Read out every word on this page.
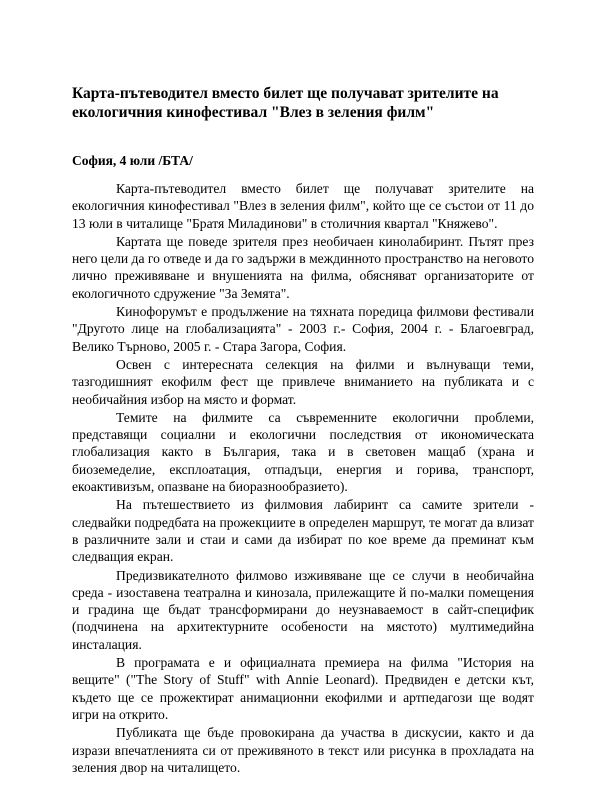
Карта-пътеводител вместо билет ще получават зрителите на екологичния кинофестивал "Влез в зеления филм"

София, 4 юли /БТА/

Карта-пътеводител вместо билет ще получават зрителите на екологичния кинофестивал "Влез в зеления филм", който ще се състои от 11 до 13 юли в читалище "Братя Миладинови" в столичния квартал "Княжево".

Картата ще поведе зрителя през необичаен кинолабиринт. Пътят през него цели да го отведе и да го задържи в междинното пространство на неговото лично преживяване и внушенията на филма, обясняват организаторите от екологичното сдружение "За Земята".

Кинофорумът е продължение на тяхната поредица филмови фестивали "Другото лице на глобализацията" - 2003 г.- София, 2004 г. - Благоевград, Велико Търново, 2005 г. - Стара Загора, София.

Освен с интересната селекция на филми и вълнуващи теми, тазгодишният екофилм фест ще привлече вниманието на публиката и с необичайния избор на място и формат.

Темите на филмите са съвременните екологични проблеми, представящи социални и екологични последствия от икономическата глобализация както в България, така и в световен мащаб (храна и биоземеделие, експлоатация, отпадъци, енергия и горива, транспорт, екоактивизъм, опазване на биоразнообразието).

На пътешествието из филмовия лабиринт са самите зрители - следвайки подредбата на прожекциите в определен маршрут, те могат да влизат в различните зали и стаи и сами да избират по кое време да преминат към следващия екран.

Предизвикателното филмово изживяване ще се случи в необичайна среда - изоставена театрална и кинозала, прилежащите й по-малки помещения и градина ще бъдат трансформирани до неузнаваемост в сайт-специфик (подчинена на архитектурните особености на мястото) мултимедийна инсталация.

В програмата е и официалната премиера на филма "История на вещите" ("The Story of Stuff" with Annie Leonard). Предвиден е детски кът, където ще се прожектират анимационни екофилми и артпедагози ще водят игри на открито.

Публиката ще бъде провокирана да участва в дискусии, както и да изрази впечатленията си от преживяното в текст или рисунка в прохладата на зеления двор на читалището.
